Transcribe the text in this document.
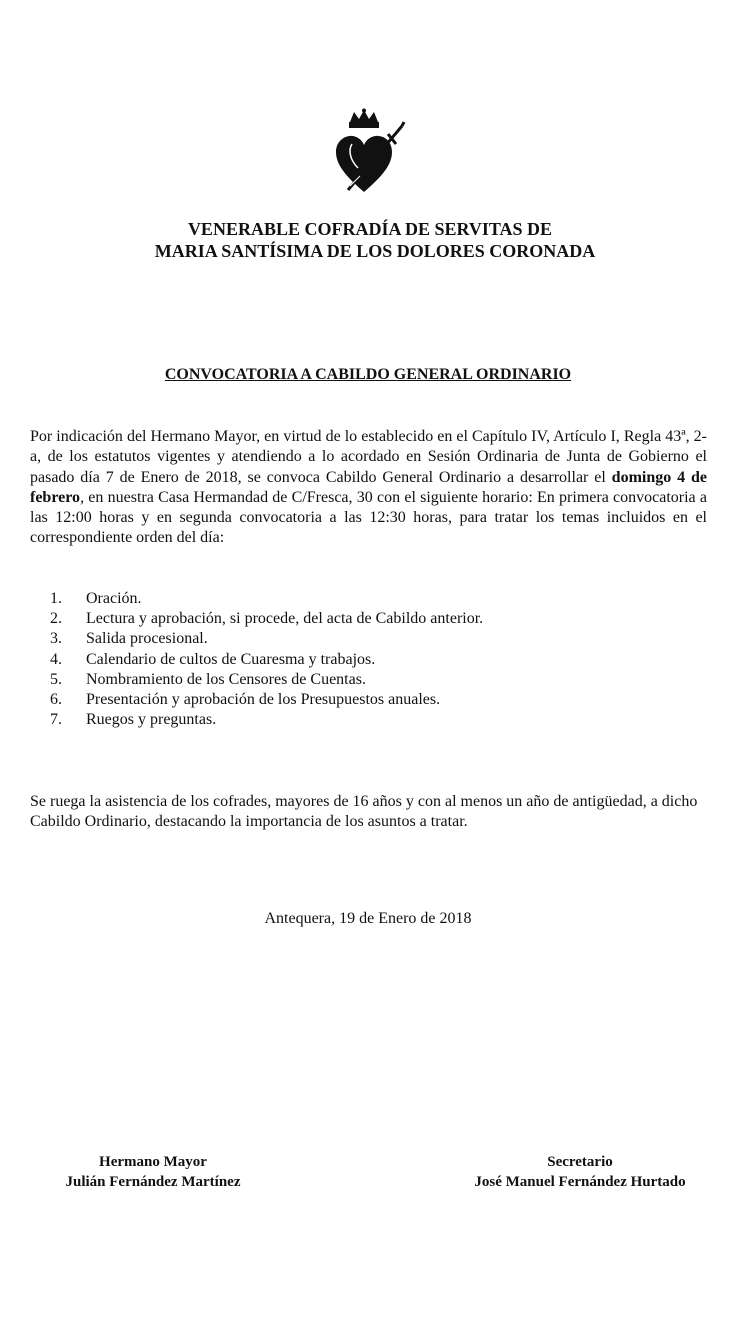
VENERABLE COFRADÍA DE SERVITAS DE
MARIA SANTÍSIMA DE LOS DOLORES CORONADA
CONVOCATORIA A CABILDO GENERAL ORDINARIO

Por indicación del Hermano Mayor, en virtud de lo establecido en el Capítulo IV, Artículo I, Regla 43ª, 2-a, de los estatutos vigentes y atendiendo a lo acordado en Sesión Ordinaria de Junta de Gobierno el pasado día 7 de Enero de 2018, se convoca Cabildo General Ordinario a desarrollar el domingo 4 de febrero, en nuestra Casa Hermandad de C/Fresca, 30 con el siguiente horario: En primera convocatoria a las 12:00 horas y en segunda convocatoria a las 12:30 horas, para tratar los temas incluidos en el correspondiente orden del día:

1.	Oración.
2.	Lectura y aprobación, si procede, del acta de Cabildo anterior.
3.	Salida procesional.
4.	Calendario de cultos de Cuaresma y trabajos.
5.	Nombramiento de los Censores de Cuentas.
6.	Presentación y aprobación de los Presupuestos anuales.
7.	Ruegos y preguntas.

Se ruega la asistencia de los cofrades, mayores de 16 años y con al menos un año de antigüedad, a dicho Cabildo Ordinario, destacando la importancia de los asuntos a tratar.

Antequera, 19 de Enero de 2018

Hermano Mayor
Julián Fernández Martínez
Secretario
José Manuel Fernández Hurtado
